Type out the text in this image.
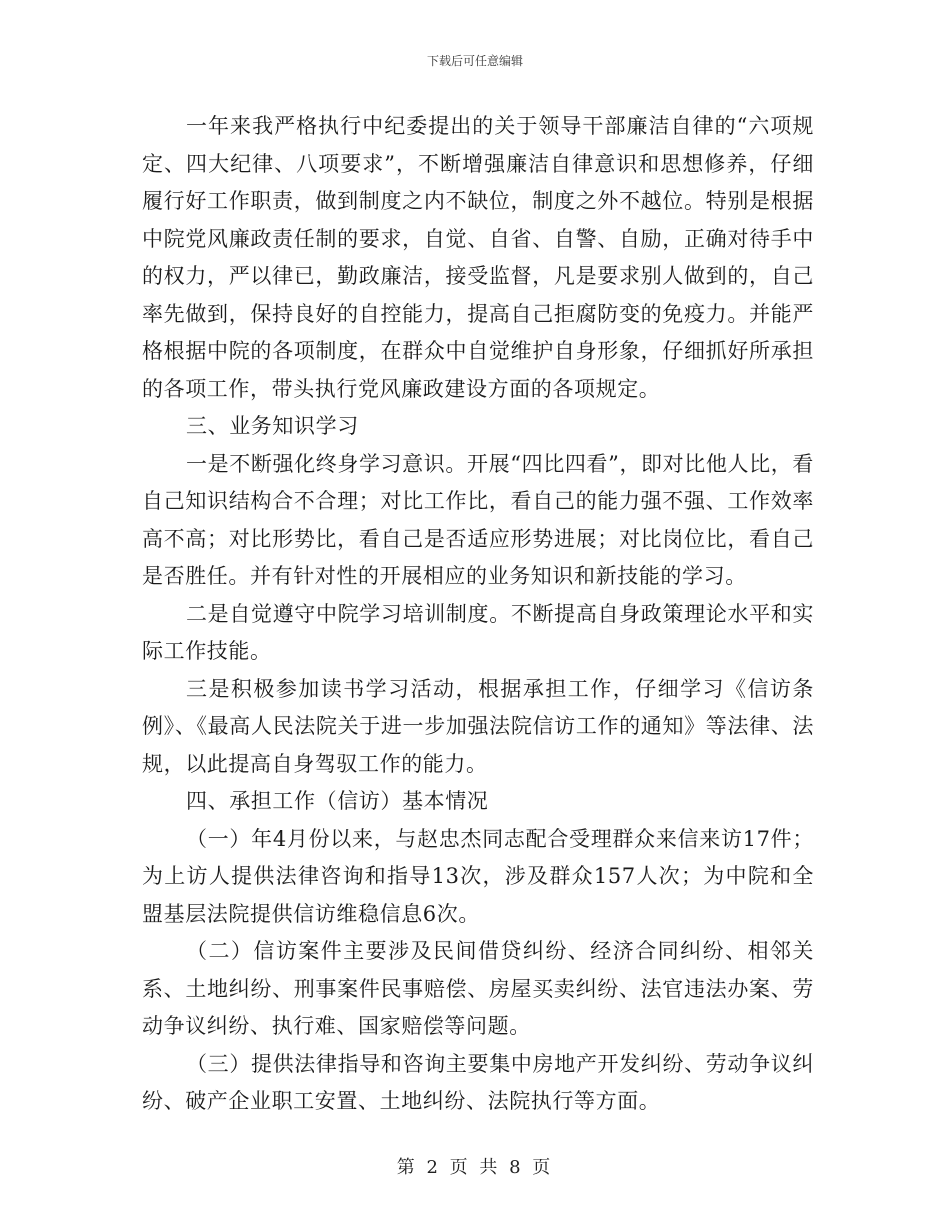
下载后可任意编辑

一年来我严格执行中纪委提出的关于领导干部廉洁自律的“六项规定、四大纪律、八项要求”，不断增强廉洁自律意识和思想修养，仔细履行好工作职责，做到制度之内不缺位，制度之外不越位。特别是根据中院党风廉政责任制的要求，自觉、自省、自警、自励，正确对待手中的权力，严以律已，勤政廉洁，接受监督，凡是要求别人做到的，自己率先做到，保持良好的自控能力，提高自己拒腐防变的免疫力。并能严格根据中院的各项制度，在群众中自觉维护自身形象，仔细抓好所承担的各项工作，带头执行党风廉政建设方面的各项规定。

三、业务知识学习

一是不断强化终身学习意识。开展“四比四看”，即对比他人比，看自己知识结构合不合理；对比工作比，看自己的能力强不强、工作效率高不高；对比形势比，看自己是否适应形势进展；对比岗位比，看自己是否胜任。并有针对性的开展相应的业务知识和新技能的学习。

二是自觉遵守中院学习培训制度。不断提高自身政策理论水平和实际工作技能。

三是积极参加读书学习活动，根据承担工作，仔细学习《信访条例》、《最高人民法院关于进一步加强法院信访工作的通知》等法律、法规，以此提高自身驾驭工作的能力。

四、承担工作（信访）基本情况

（一）年4月份以来，与赵忠杰同志配合受理群众来信来访17件；为上访人提供法律咨询和指导13次，涉及群众157人次；为中院和全盟基层法院提供信访维稳信息6次。

（二）信访案件主要涉及民间借贷纠纷、经济合同纠纷、相邻关系、土地纠纷、刑事案件民事赔偿、房屋买卖纠纷、法官违法办案、劳动争议纠纷、执行难、国家赔偿等问题。

（三）提供法律指导和咨询主要集中房地产开发纠纷、劳动争议纠纷、破产企业职工安置、土地纠纷、法院执行等方面。

第 2 页 共 8 页
